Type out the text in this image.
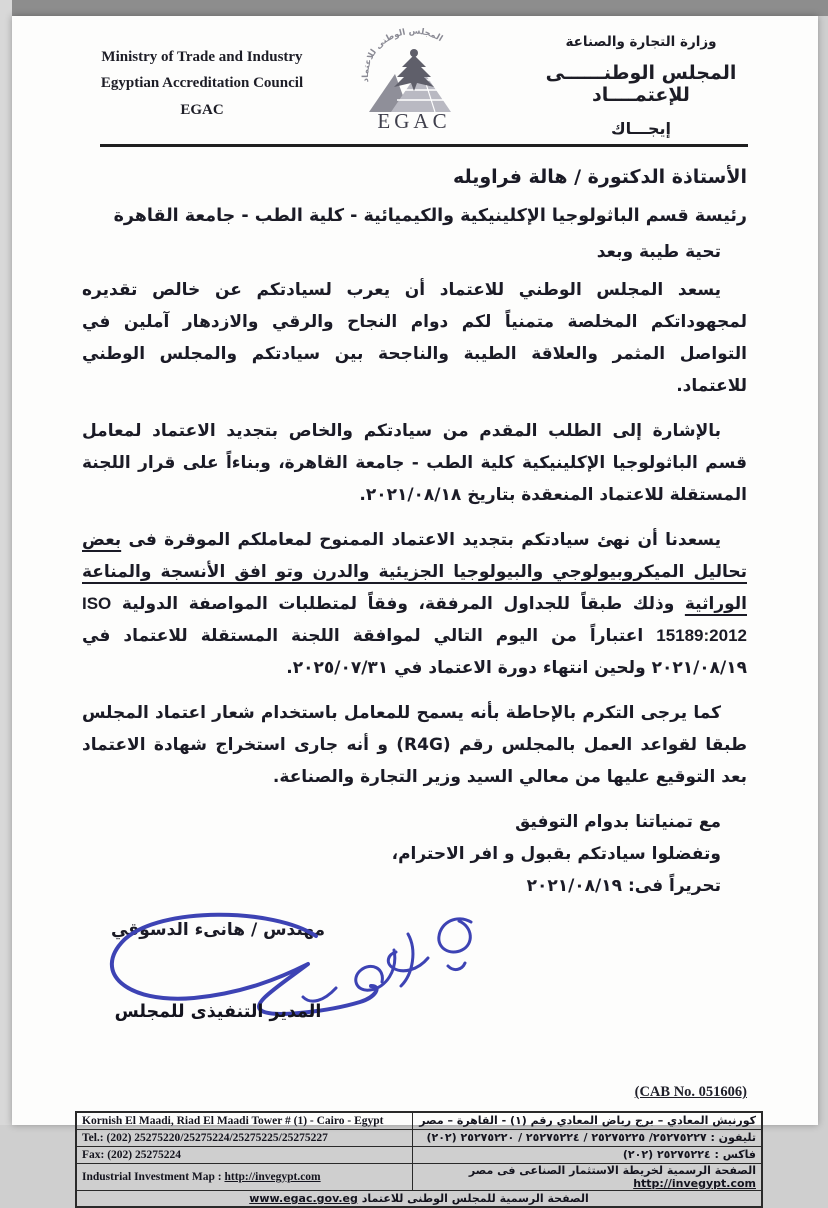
Ministry of Trade and Industry
Egyptian Accreditation Council
EGAC
المجلس الوطنى للاعتماد
EGAC
وزارة التجارة والصناعة
المجلس الوطنــــــى للإعتمــــاد
إيجـــاك
الأستاذة الدكتورة / هالة فراويله
رئيسة قسم الباثولوجيا الإكلينيكية والكيميائية - كلية الطب - جامعة القاهرة
تحية طيبة وبعد

يسعد المجلس الوطني للاعتماد أن يعرب لسيادتكم عن خالص تقديره لمجهوداتكم المخلصة متمنياً لكم دوام النجاح والرقي والازدهار آملين في التواصل المثمر والعلاقة الطيبة والناجحة بين سيادتكم والمجلس الوطني للاعتماد.

بالإشارة إلى الطلب المقدم من سيادتكم والخاص بتجديد الاعتماد لمعامل قسم الباثولوجيا الإكلينيكية كلية الطب - جامعة القاهرة، وبناءاً على قرار اللجنة المستقلة للاعتماد المنعقدة بتاريخ ٢٠٢١/٠٨/١٨.

يسعدنا أن نهئ سيادتكم بتجديد الاعتماد الممنوح لمعاملكم الموقرة فى بعض تحاليل الميكروبيولوجي والبيولوجيا الجزيئية والدرن وتو افق الأنسجة والمناعة الوراثية وذلك طبقاً للجداول المرفقة، وفقاً لمتطلبات المواصفة الدولية ISO 15189:2012 اعتباراً من اليوم التالي لموافقة اللجنة المستقلة للاعتماد في ٢٠٢١/٠٨/١٩ ولحين انتهاء دورة الاعتماد في ٢٠٢٥/٠٧/٣١.

كما يرجى التكرم بالإحاطة بأنه يسمح للمعامل باستخدام شعار اعتماد المجلس طبقا لقواعد العمل بالمجلس رقم (R4G) و أنه جارى استخراج شهادة الاعتماد بعد التوقيع عليها من معالي السيد وزير التجارة والصناعة.

مع تمنياتنا بدوام التوفيق
وتفضلوا سيادتكم بقبول و افر الاحترام،
تحريراً فى: ٢٠٢١/٠٨/١٩
مهندس / هانىء الدسوقي
المدير التنفيذى للمجلس
(CAB No. 051606)
Kornish El Maadi, Riad El Maadi Tower # (1) - Cairo - Egypt	كورنيش المعادي – برج رياض المعادي رقم (١) - القاهرة – مصر
Tel.: (202) 25275220/25275224/25275225/25275227	تليفون : ٢٥٢٧٥٢٢٧/ ٢٥٢٧٥٢٢٥ / ٢٥٢٧٥٢٢٤ / ٢٥٢٧٥٢٢٠ (٢٠٢)
Fax: (202) 25275224	فاكس : ٢٥٢٧٥٢٢٤ (٢٠٢)
Industrial Investment Map : http://invegypt.com	الصفحة الرسمية لخريطة الاستثمار الصناعى فى مصر http://invegypt.com
الصفحة الرسمية للمجلس الوطنى للاعتماد www.egac.gov.eg	
